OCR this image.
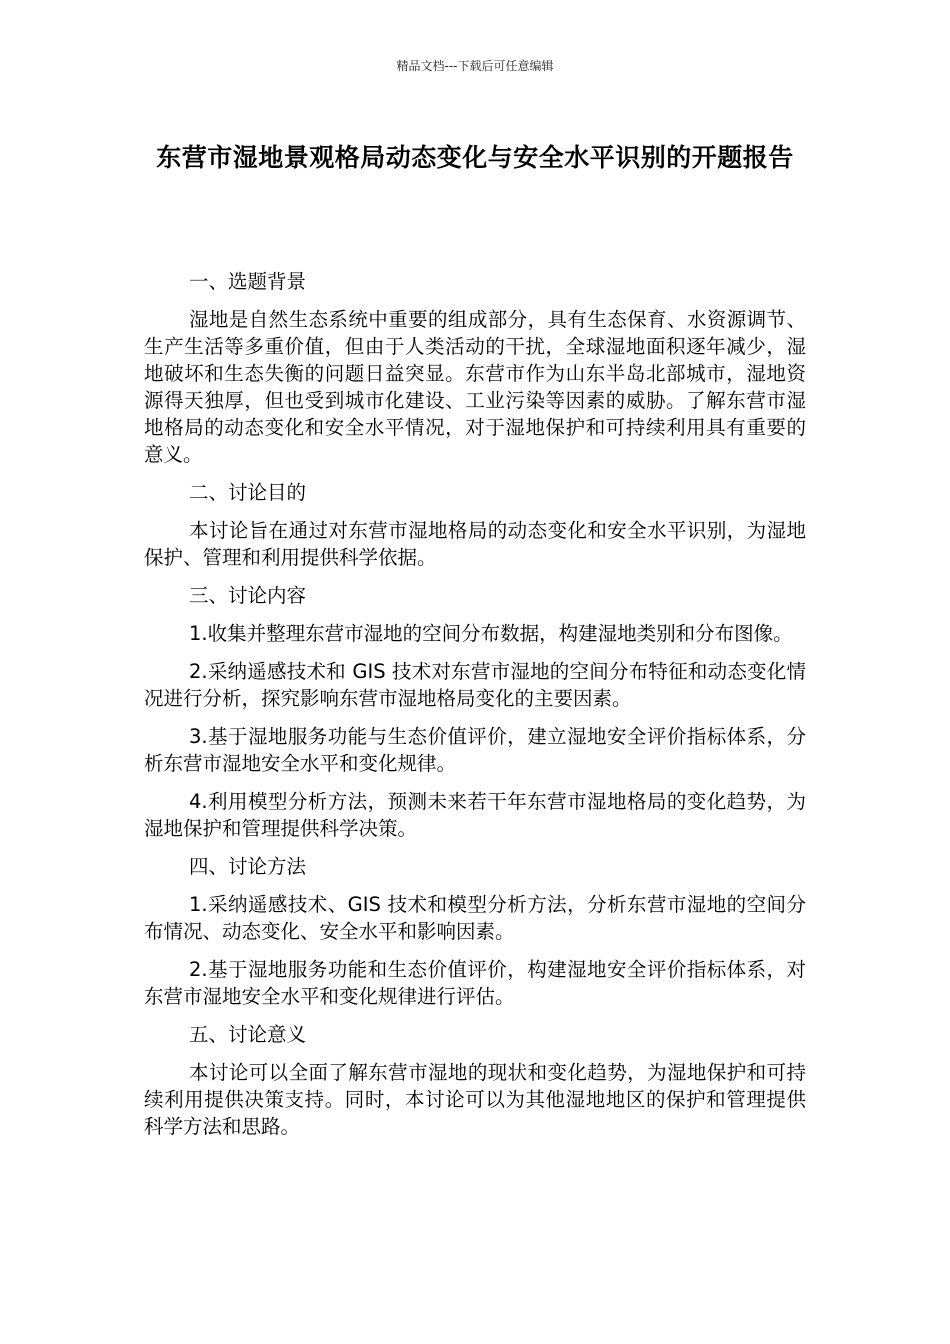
精品文档---下载后可任意编辑
东营市湿地景观格局动态变化与安全水平识别的开题报告

一、选题背景

湿地是自然生态系统中重要的组成部分，具有生态保育、水资源调节、生产生活等多重价值，但由于人类活动的干扰，全球湿地面积逐年减少，湿地破坏和生态失衡的问题日益突显。东营市作为山东半岛北部城市，湿地资源得天独厚，但也受到城市化建设、工业污染等因素的威胁。了解东营市湿地格局的动态变化和安全水平情况，对于湿地保护和可持续利用具有重要的意义。

二、讨论目的

本讨论旨在通过对东营市湿地格局的动态变化和安全水平识别，为湿地保护、管理和利用提供科学依据。

三、讨论内容

1.收集并整理东营市湿地的空间分布数据，构建湿地类别和分布图像。

2.采纳遥感技术和 GIS 技术对东营市湿地的空间分布特征和动态变化情况进行分析，探究影响东营市湿地格局变化的主要因素。

3.基于湿地服务功能与生态价值评价，建立湿地安全评价指标体系，分析东营市湿地安全水平和变化规律。

4.利用模型分析方法，预测未来若干年东营市湿地格局的变化趋势，为湿地保护和管理提供科学决策。

四、讨论方法

1.采纳遥感技术、GIS 技术和模型分析方法，分析东营市湿地的空间分布情况、动态变化、安全水平和影响因素。

2.基于湿地服务功能和生态价值评价，构建湿地安全评价指标体系，对东营市湿地安全水平和变化规律进行评估。

五、讨论意义

本讨论可以全面了解东营市湿地的现状和变化趋势，为湿地保护和可持续利用提供决策支持。同时，本讨论可以为其他湿地地区的保护和管理提供科学方法和思路。
